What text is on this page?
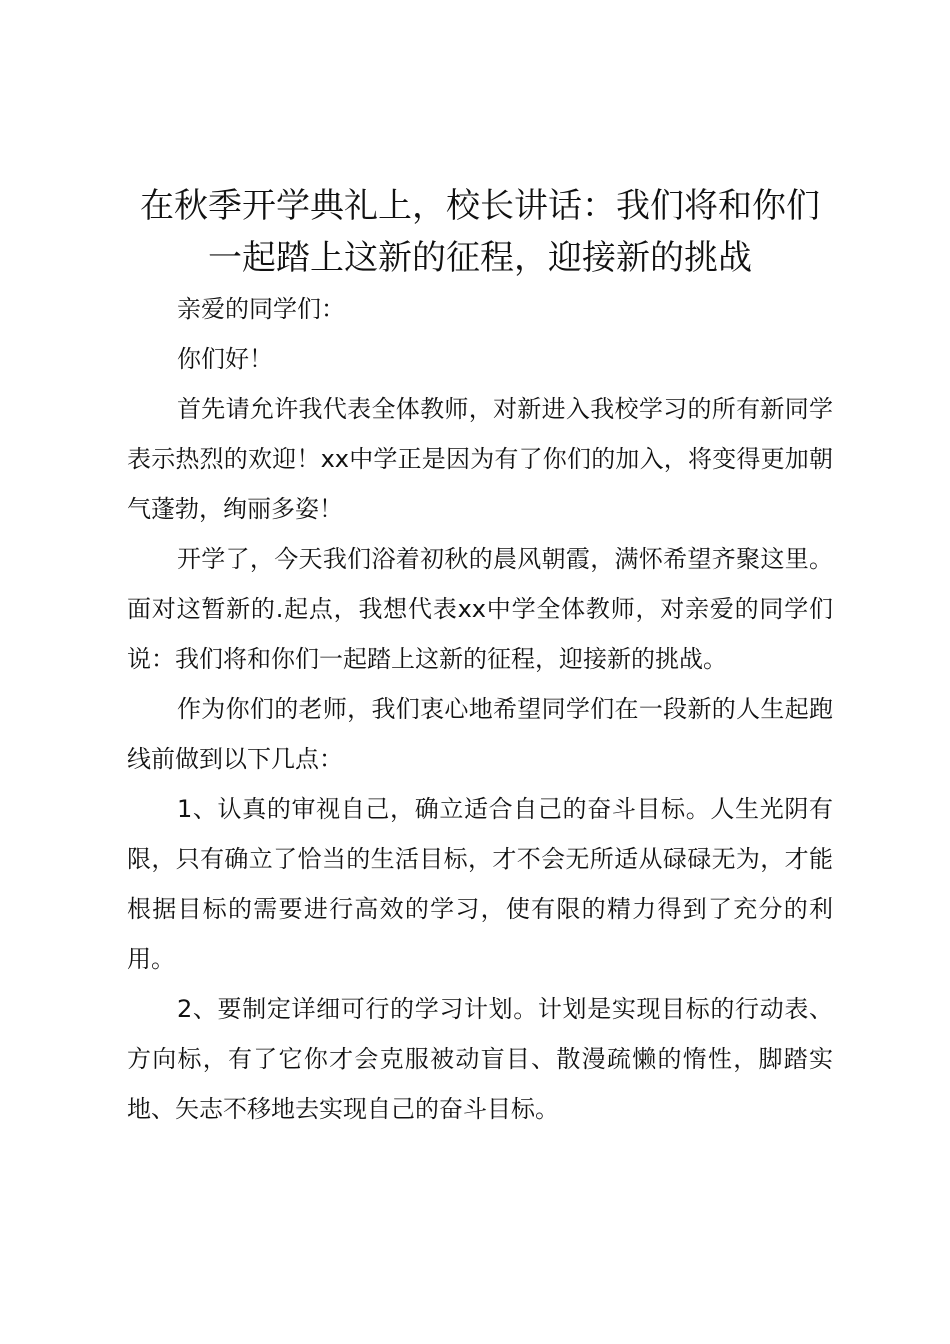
在秋季开学典礼上，校长讲话：我们将和你们
一起踏上这新的征程，迎接新的挑战

亲爱的同学们：

你们好！

首先请允许我代表全体教师，对新进入我校学习的所有新同学表示热烈的欢迎！xx中学正是因为有了你们的加入，将变得更加朝气蓬勃，绚丽多姿！

开学了，今天我们浴着初秋的晨风朝霞，满怀希望齐聚这里。面对这暂新的.起点，我想代表xx中学全体教师，对亲爱的同学们说：我们将和你们一起踏上这新的征程，迎接新的挑战。

作为你们的老师，我们衷心地希望同学们在一段新的人生起跑线前做到以下几点：

1、认真的审视自己，确立适合自己的奋斗目标。人生光阴有限，只有确立了恰当的生活目标，才不会无所适从碌碌无为，才能根据目标的需要进行高效的学习，使有限的精力得到了充分的利用。

2、要制定详细可行的学习计划。计划是实现目标的行动表、方向标，有了它你才会克服被动盲目、散漫疏懒的惰性，脚踏实地、矢志不移地去实现自己的奋斗目标。
